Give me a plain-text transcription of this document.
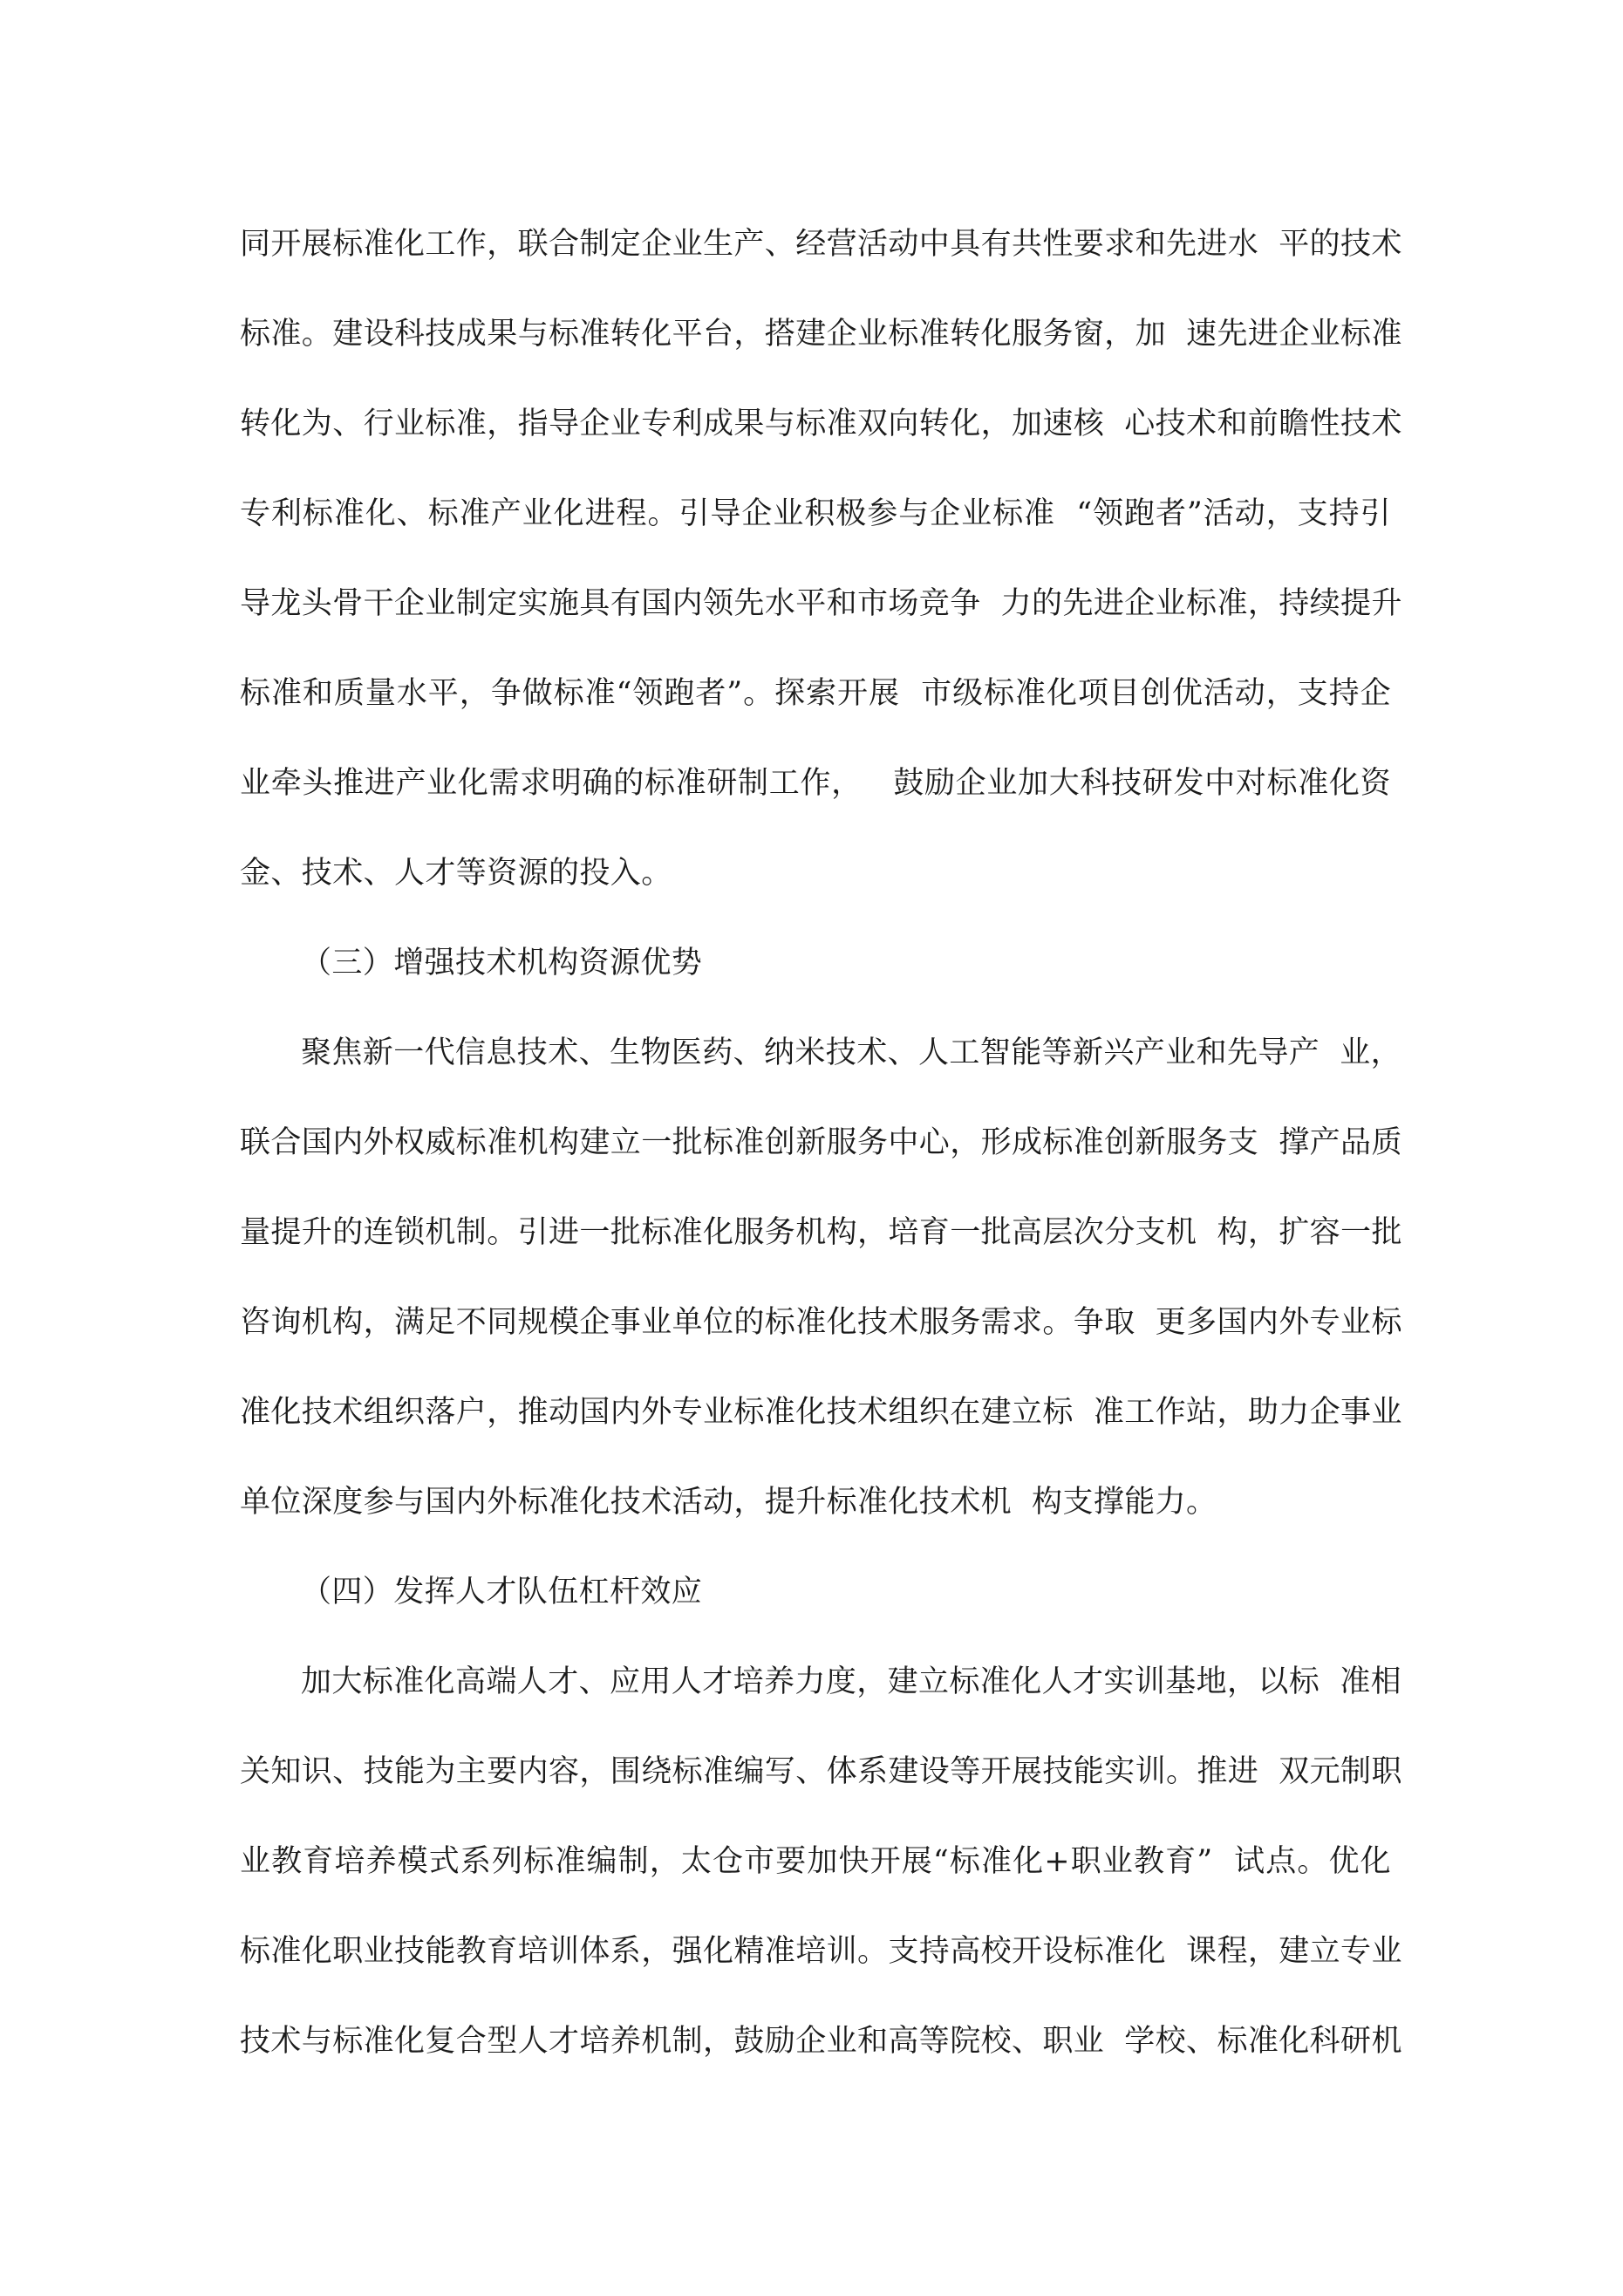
同开展标准化工作，联合制定企业生产、经营活动中具有共性要求和先进水  平的技术
标准。建设科技成果与标准转化平台，搭建企业标准转化服务窗，加  速先进企业标准
转化为、行业标准，指导企业专利成果与标准双向转化，加速核  心技术和前瞻性技术
专利标准化、标准产业化进程。引导企业积极参与企业标准  “领跑者”活动，支持引
导龙头骨干企业制定实施具有国内领先水平和市场竞争  力的先进企业标准，持续提升
标准和质量水平，争做标准“领跑者”。探索开展  市级标准化项目创优活动，支持企
业牵头推进产业化需求明确的标准研制工作，   鼓励企业加大科技研发中对标准化资
金、技术、人才等资源的投入。
（三）增强技术机构资源优势
聚焦新一代信息技术、生物医药、纳米技术、人工智能等新兴产业和先导产  业，
联合国内外权威标准机构建立一批标准创新服务中心，形成标准创新服务支  撑产品质
量提升的连锁机制。引进一批标准化服务机构，培育一批高层次分支机  构，扩容一批
咨询机构，满足不同规模企事业单位的标准化技术服务需求。争取  更多国内外专业标
准化技术组织落户，推动国内外专业标准化技术组织在建立标  准工作站，助力企事业
单位深度参与国内外标准化技术活动，提升标准化技术机  构支撑能力。
（四）发挥人才队伍杠杆效应
加大标准化高端人才、应用人才培养力度，建立标准化人才实训基地，以标  准相
关知识、技能为主要内容，围绕标准编写、体系建设等开展技能实训。推进  双元制职
业教育培养模式系列标准编制，太仓市要加快开展“标准化+职业教育”  试点。优化
标准化职业技能教育培训体系，强化精准培训。支持高校开设标准化  课程，建立专业
技术与标准化复合型人才培养机制，鼓励企业和高等院校、职业  学校、标准化科研机
